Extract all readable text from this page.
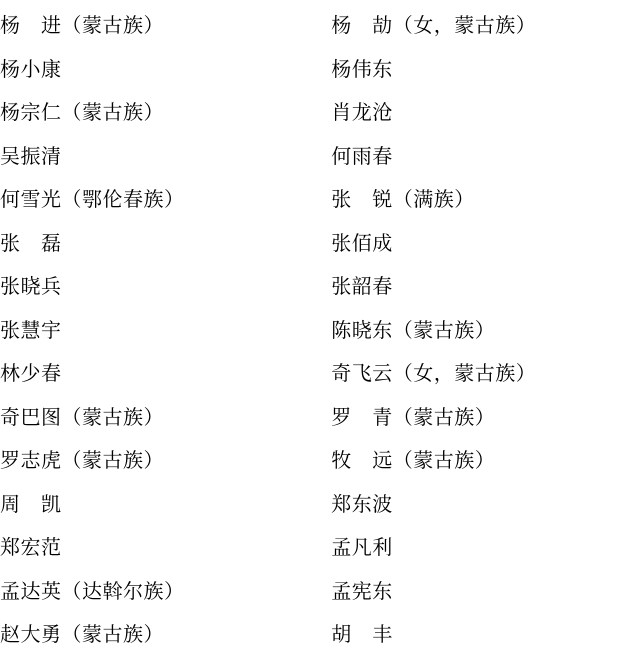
杨　进（蒙古族）	杨　劼（女，蒙古族）
杨小康	杨伟东
杨宗仁（蒙古族）	肖龙沧
吴振清	何雨春
何雪光（鄂伦春族）	张　锐（满族）
张　磊	张佰成
张晓兵	张韶春
张慧宇	陈晓东（蒙古族）
林少春	奇飞云（女，蒙古族）
奇巴图（蒙古族）	罗　青（蒙古族）
罗志虎（蒙古族）	牧　远（蒙古族）
周　凯	郑东波
郑宏范	孟凡利
孟达英（达斡尔族）	孟宪东
赵大勇（蒙古族）	胡　丰
